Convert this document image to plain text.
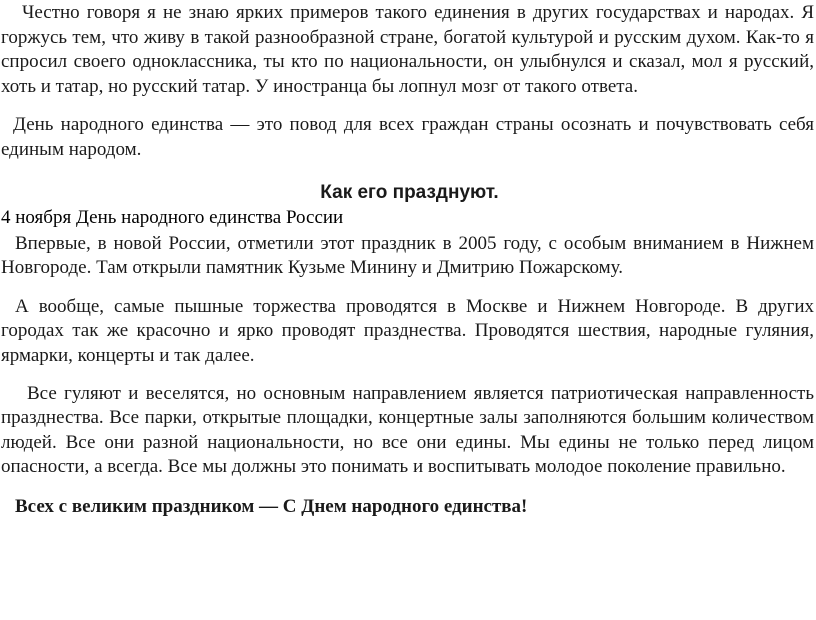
Честно говоря я не знаю ярких примеров такого единения в других государствах и народах. Я горжусь тем, что живу в такой разнообразной стране, богатой культурой и русским духом. Как-то я спросил своего одноклассника, ты кто по национальности, он улыбнулся и сказал, мол я русский, хоть и татар, но русский татар. У иностранца бы лопнул мозг от такого ответа.

День народного единства — это повод для всех граждан страны осознать и почувствовать себя единым народом.

Как его празднуют.
4 ноября День народного единства России

Впервые, в новой России, отметили этот праздник в 2005 году, с особым вниманием в Нижнем Новгороде. Там открыли памятник Кузьме Минину и Дмитрию Пожарскому.

А вообще, самые пышные торжества проводятся в Москве и Нижнем Новгороде. В других городах так же красочно и ярко проводят празднества. Проводятся шествия, народные гуляния, ярмарки, концерты и так далее.

Все гуляют и веселятся, но основным направлением является патриотическая направленность празднества. Все парки, открытые площадки, концертные залы заполняются большим количеством людей. Все они разной национальности, но все они едины. Мы едины не только перед лицом опасности, а всегда. Все мы должны это понимать и воспитывать молодое поколение правильно.

Всех с великим праздником — С Днем народного единства!
